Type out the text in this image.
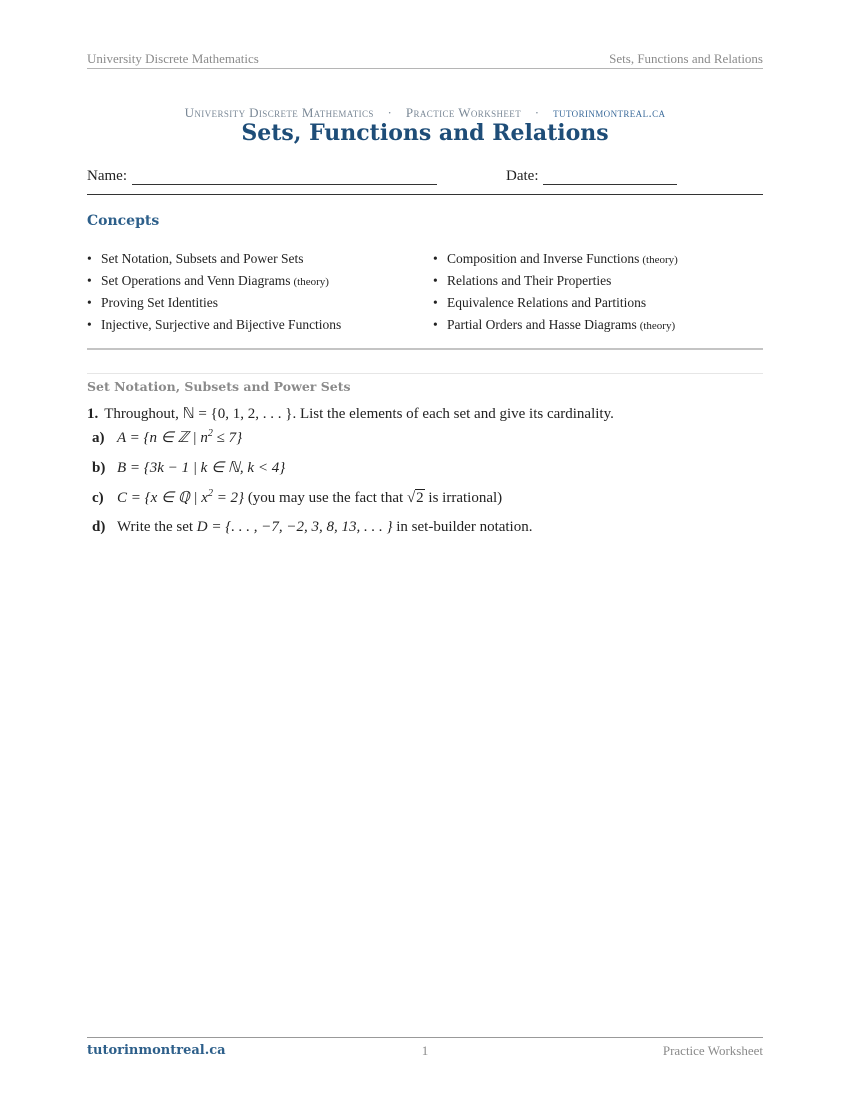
University Discrete Mathematics	Sets, Functions and Relations
University Discrete Mathematics · Practice Worksheet · tutorinmontreal.ca
Sets, Functions and Relations
Name:	Date:
Concepts
• Set Notation, Subsets and Power Sets
• Set Operations and Venn Diagrams (theory)
• Proving Set Identities
• Injective, Surjective and Bijective Functions
• Composition and Inverse Functions (theory)
• Relations and Their Properties
• Equivalence Relations and Partitions
• Partial Orders and Hasse Diagrams (theory)
Set Notation, Subsets and Power Sets
1. Throughout, ℕ = {0, 1, 2, . . . }. List the elements of each set and give its cardinality.
a) A = {n ∈ ℤ | $n^2 \le 7$}
b) B = {3k − 1 | k ∈ ℕ, k < 4}
c) C = {x ∈ ℚ | $x^2 = 2$} (you may use the fact that √2 is irrational)
d) Write the set D = {. . . , −7, −2, 3, 8, 13, . . . } in set-builder notation.
tutorinmontreal.ca	1	Practice Worksheet
